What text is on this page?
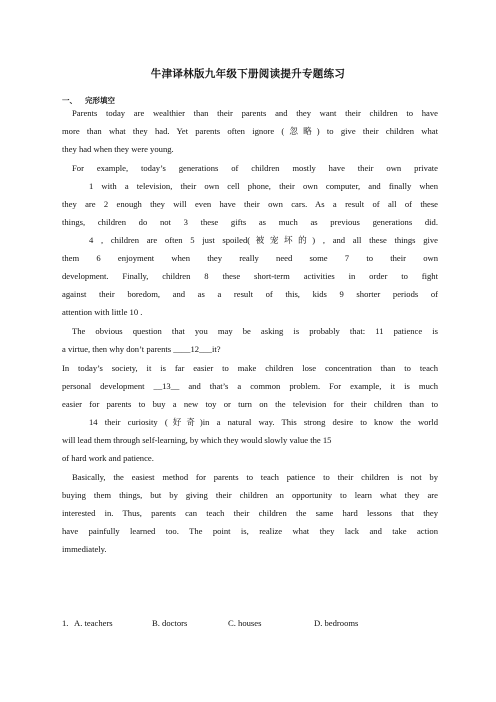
牛津译林版九年级下册阅读提升专题练习
一、 完形填空
Parents today are wealthier than their parents and they want their children to have
more than what they had. Yet parents often ignore (忽略) to give their children what
they had when they were young.
For example, today’s generations of children mostly have their own private
1 with a television, their own cell phone, their own computer, and finally when
they are 2 enough they will even have their own cars. As a result of all of these
things, children do not 3 these gifts as much as previous generations did.
4 , children are often 5 just spoiled(被宠坏的) , and all these things give
them 6 enjoyment when they really need some 7 to their own
development. Finally, children 8 these short-term activities in order to fight
against their boredom, and as a result of this, kids 9 shorter periods of
attention with little 10 .
The obvious question that you may be asking is probably that: 11 patience is
a virtue, then why don’t parents ____12___it?
In today’s society, it is far easier to make children lose concentration than to teach
personal development __13__ and that’s a common problem. For example, it is much
easier for parents to buy a new toy or turn on the television for their children than to
14 their curiosity (好奇)in a natural way. This strong desire to know the world
will lead them through self-learning, by which they would slowly value the 15
of hard work and patience.
Basically, the easiest method for parents to teach patience to their children is not by
buying them things, but by giving their children an opportunity to learn what they are
interested in. Thus, parents can teach their children the same hard lessons that they
have painfully learned too. The point is, realize what they lack and take action
immediately.
1. A. teachers	B. doctors	C. houses	D. bedrooms
